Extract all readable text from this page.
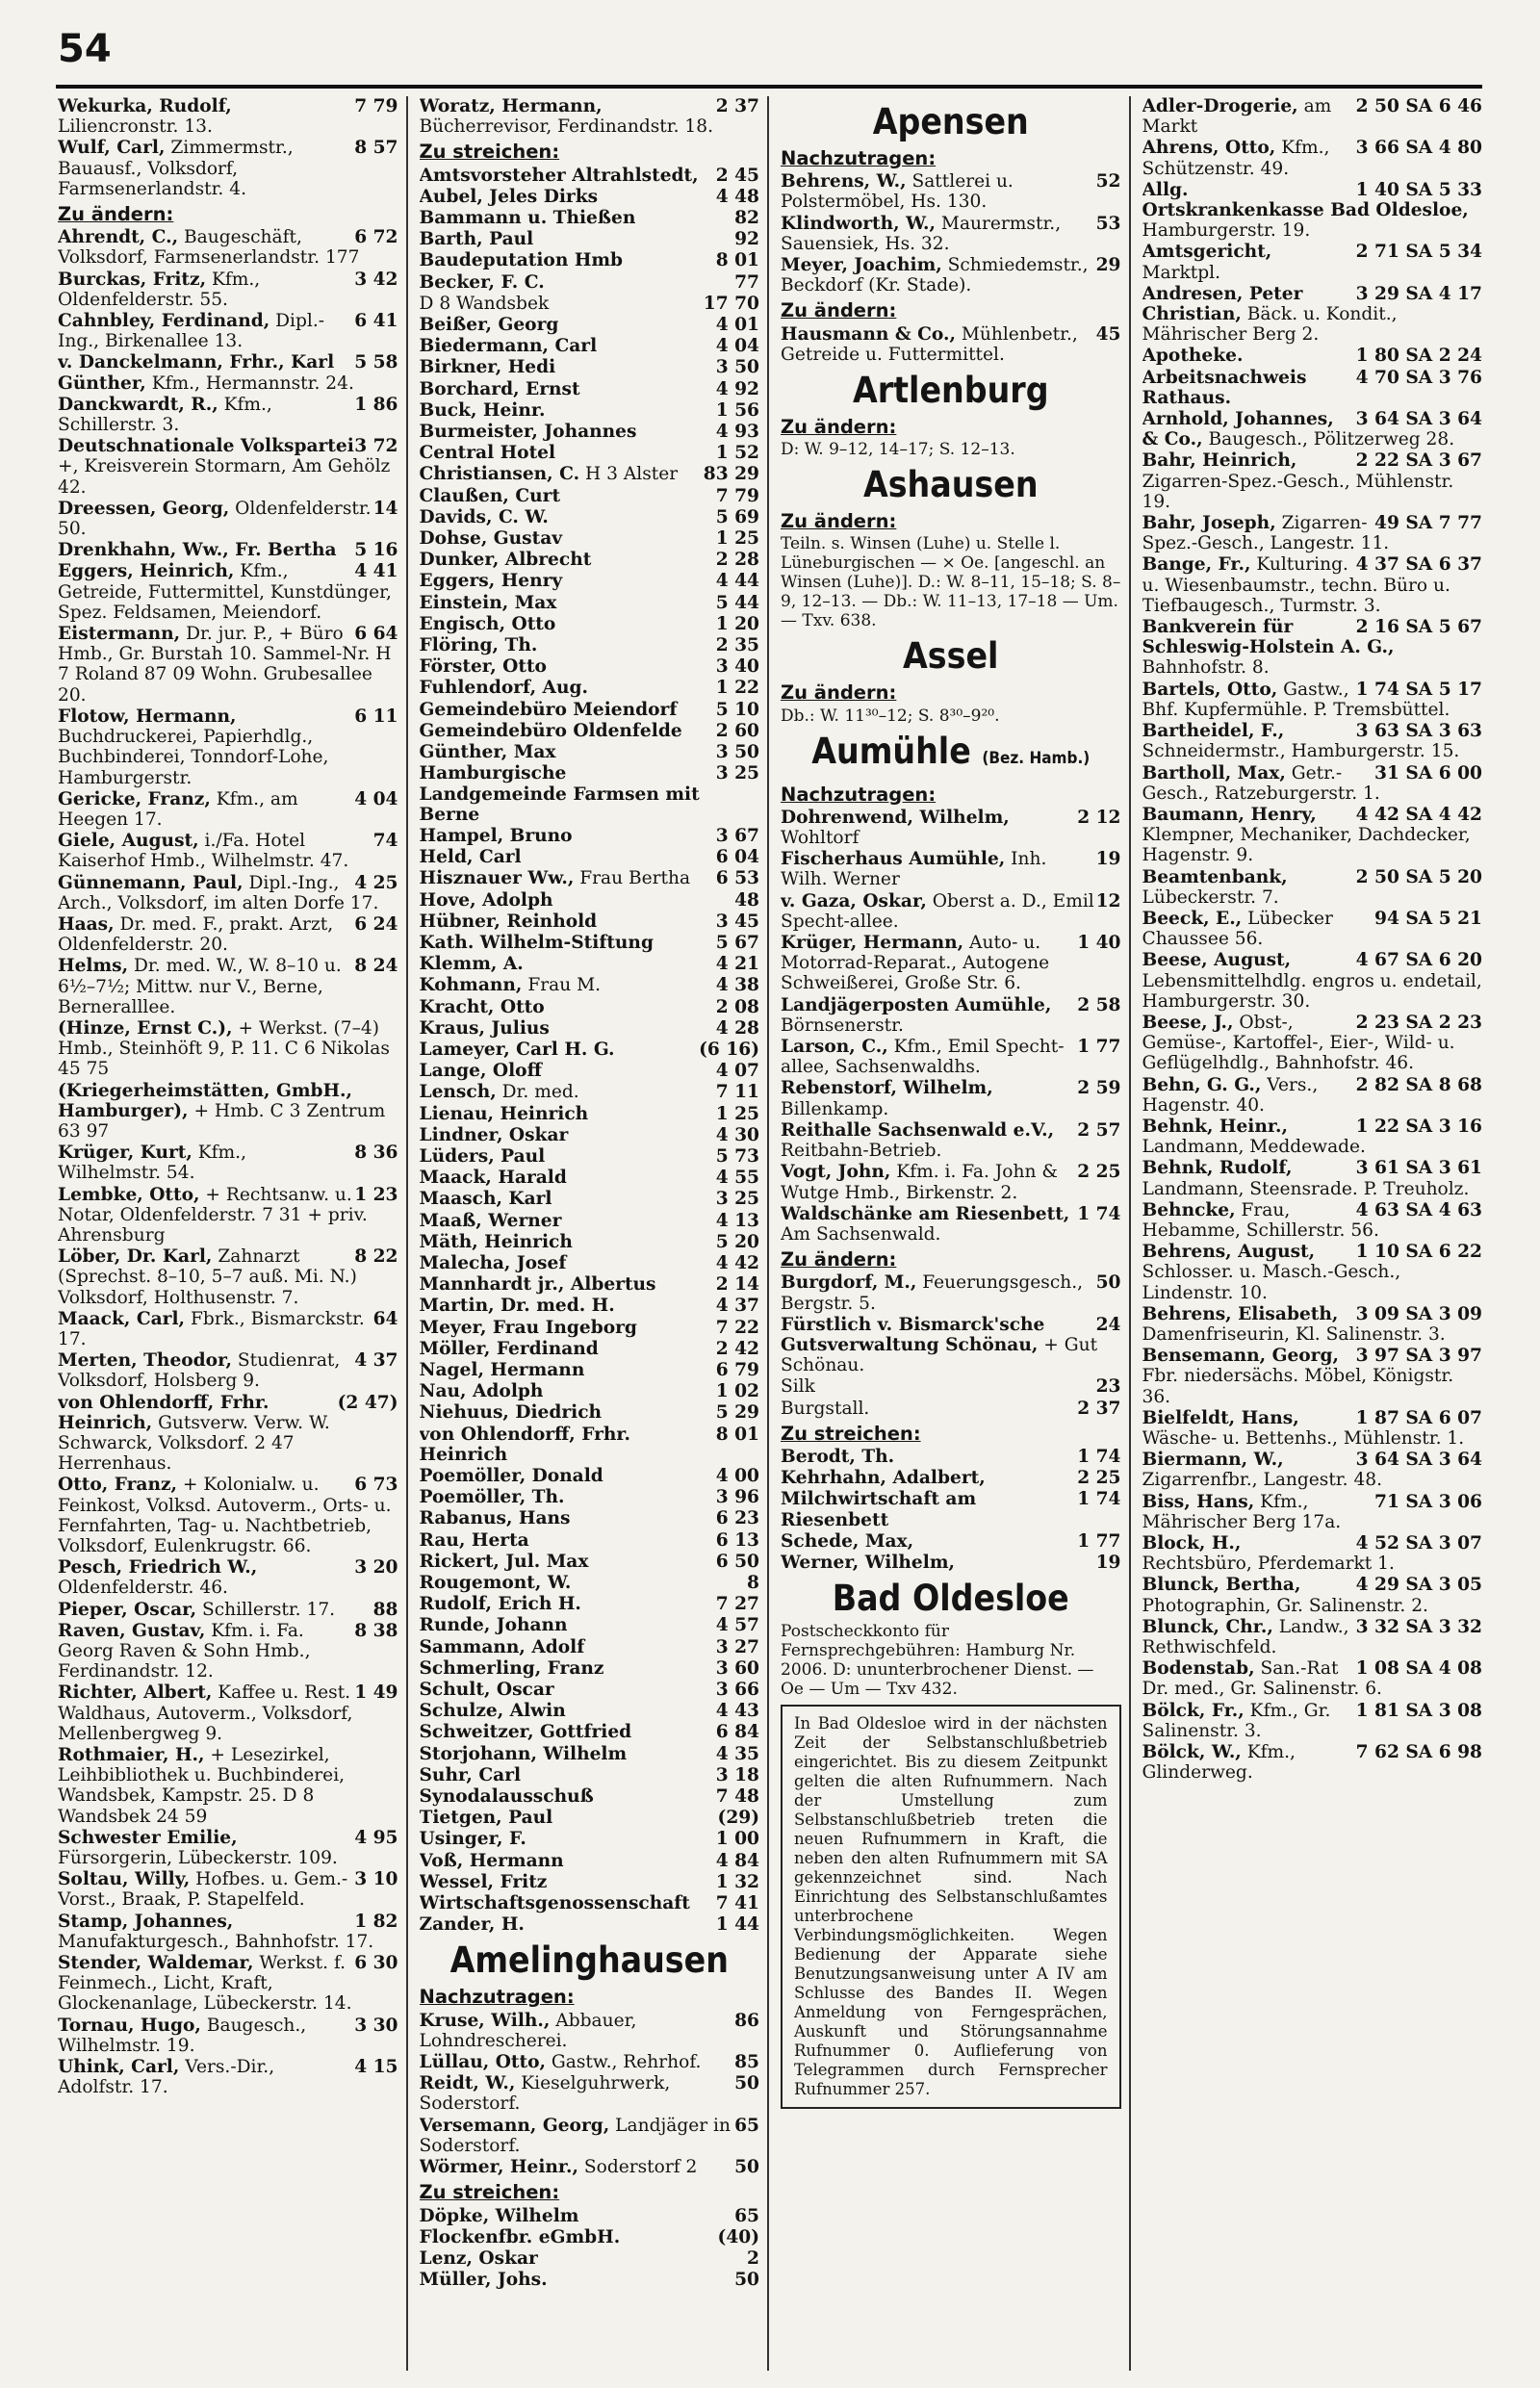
54
7 79
Wekurka, Rudolf, Liliencronstr. 13.
8 57
Wulf, Carl, Zimmermstr., Bauausf., Volksdorf, Farmsenerlandstr. 4.
Zu ändern:
6 72
Ahrendt, C., Baugeschäft, Volksdorf, Farmsenerlandstr. 177
3 42
Burckas, Fritz, Kfm., Oldenfelderstr. 55.
6 41
Cahnbley, Ferdinand, Dipl.-Ing., Birkenallee 13.
5 58
v. Danckelmann, Frhr., Karl Günther, Kfm., Hermannstr. 24.
1 86
Danckwardt, R., Kfm., Schillerstr. 3.
3 72
Deutschnationale Volkspartei +, Kreisverein Stormarn, Am Gehölz 42.
14
Dreessen, Georg, Oldenfelderstr. 50.
5 16
Drenkhahn, Ww., Fr. Bertha
4 41
Eggers, Heinrich, Kfm., Getreide, Futtermittel, Kunstdünger, Spez. Feldsamen, Meiendorf.
6 64
Eistermann, Dr. jur. P., + Büro Hmb., Gr. Burstah 10. Sammel-Nr. H 7 Roland 87 09 Wohn. Grubesallee 20.
6 11
Flotow, Hermann, Buchdruckerei, Papierhdlg., Buchbinderei, Tonndorf-Lohe, Hamburgerstr.
4 04
Gericke, Franz, Kfm., am Heegen 17.
74
Giele, August, i./Fa. Hotel Kaiserhof Hmb., Wilhelmstr. 47.
4 25
Günnemann, Paul, Dipl.-Ing., Arch., Volksdorf, im alten Dorfe 17.
6 24
Haas, Dr. med. F., prakt. Arzt, Oldenfelderstr. 20.
8 24
Helms, Dr. med. W., W. 8–10 u. 6½–7½; Mittw. nur V., Berne, Berneralllee.
(Hinze, Ernst C.), + Werkst. (7–4) Hmb., Steinhöft 9, P. 11. C 6 Nikolas 45 75
(Kriegerheimstätten, GmbH., Hamburger), + Hmb. C 3 Zentrum 63 97
8 36
Krüger, Kurt, Kfm., Wilhelmstr. 54.
1 23
Lembke, Otto, + Rechtsanw. u. Notar, Oldenfelderstr. 7 31 + priv. Ahrensburg
8 22
Löber, Dr. Karl, Zahnarzt (Sprechst. 8–10, 5–7 auß. Mi. N.) Volksdorf, Holthusenstr. 7.
64
Maack, Carl, Fbrk., Bismarckstr. 17.
4 37
Merten, Theodor, Studienrat, Volksdorf, Holsberg 9.
(2 47)
von Ohlendorff, Frhr. Heinrich, Gutsverw. Verw. W. Schwarck, Volksdorf. 2 47 Herrenhaus.
6 73
Otto, Franz, + Kolonialw. u. Feinkost, Volksd. Autoverm., Orts- u. Fernfahrten, Tag- u. Nachtbetrieb, Volksdorf, Eulenkrugstr. 66.
3 20
Pesch, Friedrich W., Oldenfelderstr. 46.
88
Pieper, Oscar, Schillerstr. 17.
8 38
Raven, Gustav, Kfm. i. Fa. Georg Raven & Sohn Hmb., Ferdinandstr. 12.
1 49
Richter, Albert, Kaffee u. Rest. Waldhaus, Autoverm., Volksdorf, Mellenbergweg 9.
Rothmaier, H., + Lesezirkel, Leihbibliothek u. Buchbinderei, Wandsbek, Kampstr. 25. D 8 Wandsbek 24 59
4 95
Schwester Emilie, Fürsorgerin, Lübeckerstr. 109.
3 10
Soltau, Willy, Hofbes. u. Gem.-Vorst., Braak, P. Stapelfeld.
1 82
Stamp, Johannes, Manufakturgesch., Bahnhofstr. 17.
6 30
Stender, Waldemar, Werkst. f. Feinmech., Licht, Kraft, Glockenanlage, Lübeckerstr. 14.
3 30
Tornau, Hugo, Baugesch., Wilhelmstr. 19.
4 15
Uhink, Carl, Vers.-Dir., Adolfstr. 17.
2 37
Woratz, Hermann, Bücherrevisor, Ferdinandstr. 18.
Zu streichen:
2 45
Amtsvorsteher Altrahlstedt,
4 48
Aubel, Jeles Dirks
82
Bammann u. Thießen
92
Barth, Paul
8 01
Baudeputation Hmb
77
Becker, F. C.
17 70
D 8 Wandsbek
4 01
Beißer, Georg
4 04
Biedermann, Carl
3 50
Birkner, Hedi
4 92
Borchard, Ernst
1 56
Buck, Heinr.
4 93
Burmeister, Johannes
1 52
Central Hotel
83 29
Christiansen, C. H 3 Alster
7 79
Claußen, Curt
5 69
Davids, C. W.
1 25
Dohse, Gustav
2 28
Dunker, Albrecht
4 44
Eggers, Henry
5 44
Einstein, Max
1 20
Engisch, Otto
2 35
Flöring, Th.
3 40
Förster, Otto
1 22
Fuhlendorf, Aug.
5 10
Gemeindebüro Meiendorf
2 60
Gemeindebüro Oldenfelde
3 50
Günther, Max
3 25
Hamburgische Landgemeinde Farmsen mit Berne
3 67
Hampel, Bruno
6 04
Held, Carl
6 53
Hisznauer Ww., Frau Bertha
48
Hove, Adolph
3 45
Hübner, Reinhold
5 67
Kath. Wilhelm-Stiftung
4 21
Klemm, A.
4 38
Kohmann, Frau M.
2 08
Kracht, Otto
4 28
Kraus, Julius
(6 16)
Lameyer, Carl H. G.
4 07
Lange, Oloff
7 11
Lensch, Dr. med.
1 25
Lienau, Heinrich
4 30
Lindner, Oskar
5 73
Lüders, Paul
4 55
Maack, Harald
3 25
Maasch, Karl
4 13
Maaß, Werner
5 20
Mäth, Heinrich
4 42
Malecha, Josef
2 14
Mannhardt jr., Albertus
4 37
Martin, Dr. med. H.
7 22
Meyer, Frau Ingeborg
2 42
Möller, Ferdinand
6 79
Nagel, Hermann
1 02
Nau, Adolph
5 29
Niehuus, Diedrich
8 01
von Ohlendorff, Frhr. Heinrich
4 00
Poemöller, Donald
3 96
Poemöller, Th.
6 23
Rabanus, Hans
6 13
Rau, Herta
6 50
Rickert, Jul. Max
8
Rougemont, W.
7 27
Rudolf, Erich H.
4 57
Runde, Johann
3 27
Sammann, Adolf
3 60
Schmerling, Franz
3 66
Schult, Oscar
4 43
Schulze, Alwin
6 84
Schweitzer, Gottfried
4 35
Storjohann, Wilhelm
3 18
Suhr, Carl
7 48
Synodalausschuß
(29)
Tietgen, Paul
1 00
Usinger, F.
4 84
Voß, Hermann
1 32
Wessel, Fritz
7 41
Wirtschaftsgenossenschaft
1 44
Zander, H.
Amelinghausen
Nachzutragen:
86
Kruse, Wilh., Abbauer, Lohndrescherei.
85
Lüllau, Otto, Gastw., Rehrhof.
50
Reidt, W., Kieselguhrwerk, Soderstorf.
65
Versemann, Georg, Landjäger in Soderstorf.
50
Wörmer, Heinr., Soderstorf 2
Zu streichen:
65
Döpke, Wilhelm
(40)
Flockenfbr. eGmbH.
2
Lenz, Oskar
50
Müller, Johs.
Apensen
Nachzutragen:
52
Behrens, W., Sattlerei u. Polstermöbel, Hs. 130.
53
Klindworth, W., Maurermstr., Sauensiek, Hs. 32.
29
Meyer, Joachim, Schmiedemstr., Beckdorf (Kr. Stade).
Zu ändern:
45
Hausmann & Co., Mühlenbetr., Getreide u. Futtermittel.
Artlenburg
Zu ändern:
D: W. 9–12, 14–17; S. 12–13.
Ashausen
Zu ändern:
Teiln. s. Winsen (Luhe) u. Stelle l. Lüneburgischen — × Oe. [angeschl. an Winsen (Luhe)]. D.: W. 8–11, 15–18; S. 8–9, 12–13. — Db.: W. 11–13, 17–18 — Um. — Txv. 638.
Assel
Zu ändern:
Db.: W. 11³⁰–12; S. 8³⁰–9²⁰.
Aumühle (Bez. Hamb.)
Nachzutragen:
2 12
Dohrenwend, Wilhelm, Wohltorf
19
Fischerhaus Aumühle, Inh. Wilh. Werner
12
v. Gaza, Oskar, Oberst a. D., Emil Specht-allee.
1 40
Krüger, Hermann, Auto- u. Motorrad-Reparat., Autogene Schweißerei, Große Str. 6.
2 58
Landjägerposten Aumühle, Börnsenerstr.
1 77
Larson, C., Kfm., Emil Specht-allee, Sachsenwaldhs.
2 59
Rebenstorf, Wilhelm, Billenkamp.
2 57
Reithalle Sachsenwald e.V., Reitbahn-Betrieb.
2 25
Vogt, John, Kfm. i. Fa. John & Wutge Hmb., Birkenstr. 2.
1 74
Waldschänke am Riesenbett, Am Sachsenwald.
Zu ändern:
50
Burgdorf, M., Feuerungsgesch., Bergstr. 5.
24
Fürstlich v. Bismarck'sche Gutsverwaltung Schönau, + Gut Schönau.
23
Silk
2 37
Burgstall.
Zu streichen:
1 74
Berodt, Th.
2 25
Kehrhahn, Adalbert,
1 74
Milchwirtschaft am Riesenbett
1 77
Schede, Max,
19
Werner, Wilhelm,
Bad Oldesloe
Postscheckkonto für Fernsprechgebühren: Hamburg Nr. 2006. D: ununterbrochener Dienst. — Oe — Um — Txv 432.
In Bad Oldesloe wird in der nächsten Zeit der Selbstanschlußbetrieb eingerichtet. Bis zu diesem Zeitpunkt gelten die alten Rufnummern. Nach der Umstellung zum Selbstanschlußbetrieb treten die neuen Rufnummern in Kraft, die neben den alten Rufnummern mit SA gekennzeichnet sind. Nach Einrichtung des Selbstanschlußamtes unterbrochene Verbindungsmöglichkeiten. Wegen Bedienung der Apparate siehe Benutzungsanweisung unter A IV am Schlusse des Bandes II. Wegen Anmeldung von Ferngesprächen, Auskunft und Störungsannahme Rufnummer 0. Auflieferung von Telegrammen durch Fernsprecher Rufnummer 257.
2 50 SA 6 46
Adler-Drogerie, am Markt
3 66 SA 4 80
Ahrens, Otto, Kfm., Schützenstr. 49.
1 40 SA 5 33
Allg. Ortskrankenkasse Bad Oldesloe, Hamburgerstr. 19.
2 71 SA 5 34
Amtsgericht, Marktpl.
3 29 SA 4 17
Andresen, Peter Christian, Bäck. u. Kondit., Mährischer Berg 2.
1 80 SA 2 24
Apotheke.
4 70 SA 3 76
Arbeitsnachweis Rathaus.
3 64 SA 3 64
Arnhold, Johannes, & Co., Baugesch., Pölitzerweg 28.
2 22 SA 3 67
Bahr, Heinrich, Zigarren-Spez.-Gesch., Mühlenstr. 19.
49 SA 7 77
Bahr, Joseph, Zigarren-Spez.-Gesch., Langestr. 11.
4 37 SA 6 37
Bange, Fr., Kulturing. u. Wiesenbaumstr., techn. Büro u. Tiefbaugesch., Turmstr. 3.
2 16 SA 5 67
Bankverein für Schleswig-Holstein A. G., Bahnhofstr. 8.
1 74 SA 5 17
Bartels, Otto, Gastw., Bhf. Kupfermühle. P. Tremsbüttel.
3 63 SA 3 63
Bartheidel, F., Schneidermstr., Hamburgerstr. 15.
31 SA 6 00
Bartholl, Max, Getr.-Gesch., Ratzeburgerstr. 1.
4 42 SA 4 42
Baumann, Henry, Klempner, Mechaniker, Dachdecker, Hagenstr. 9.
2 50 SA 5 20
Beamtenbank, Lübeckerstr. 7.
94 SA 5 21
Beeck, E., Lübecker Chaussee 56.
4 67 SA 6 20
Beese, August, Lebensmittelhdlg. engros u. endetail, Hamburgerstr. 30.
2 23 SA 2 23
Beese, J., Obst-, Gemüse-, Kartoffel-, Eier-, Wild- u. Geflügelhdlg., Bahnhofstr. 46.
2 82 SA 8 68
Behn, G. G., Vers., Hagenstr. 40.
1 22 SA 3 16
Behnk, Heinr., Landmann, Meddewade.
3 61 SA 3 61
Behnk, Rudolf, Landmann, Steensrade. P. Treuholz.
4 63 SA 4 63
Behncke, Frau, Hebamme, Schillerstr. 56.
1 10 SA 6 22
Behrens, August, Schlosser. u. Masch.-Gesch., Lindenstr. 10.
3 09 SA 3 09
Behrens, Elisabeth, Damenfriseurin, Kl. Salinenstr. 3.
3 97 SA 3 97
Bensemann, Georg, Fbr. niedersächs. Möbel, Königstr. 36.
1 87 SA 6 07
Bielfeldt, Hans, Wäsche- u. Bettenhs., Mühlenstr. 1.
3 64 SA 3 64
Biermann, W., Zigarrenfbr., Langestr. 48.
71 SA 3 06
Biss, Hans, Kfm., Mährischer Berg 17a.
4 52 SA 3 07
Block, H., Rechtsbüro, Pferdemarkt 1.
4 29 SA 3 05
Blunck, Bertha, Photographin, Gr. Salinenstr. 2.
3 32 SA 3 32
Blunck, Chr., Landw., Rethwischfeld.
1 08 SA 4 08
Bodenstab, San.-Rat Dr. med., Gr. Salinenstr. 6.
1 81 SA 3 08
Bölck, Fr., Kfm., Gr. Salinenstr. 3.
7 62 SA 6 98
Bölck, W., Kfm., Glinderweg.
